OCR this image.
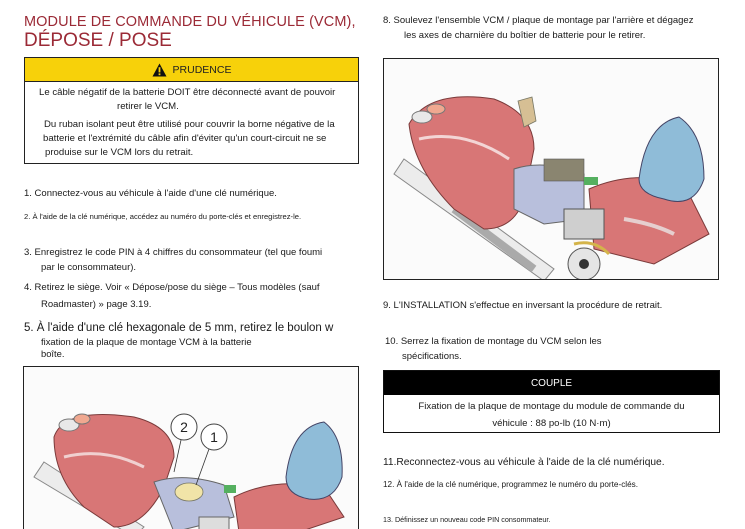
MODULE DE COMMANDE DU VÉHICULE (VCM),
DÉPOSE / POSE
PRUDENCE

Le câble négatif de la batterie DOIT être déconnecté avant de pouvoir
retirer le VCM.

Du ruban isolant peut être utilisé pour couvrir la borne négative de la
batterie et l'extrémité du câble afin d'éviter qu'un court-circuit ne se
produise sur le VCM lors du retrait.

1. Connectez-vous au véhicule à l'aide d'une clé numérique.
2. À l'aide de la clé numérique, accédez au numéro du porte-clés et enregistrez-le.
3. Enregistrez le code PIN à 4 chiffres du consommateur (tel que foumi
par le consommateur).
4. Retirez le siège. Voir « Dépose/pose du siège – Tous modèles (sauf
Roadmaster) » page 3.19.
5. À l'aide d'une clé hexagonale de 5 mm, retirez le boulon w
fixation de la plaque de montage VCM à la batterie
boîte.
2
1
8. Soulevez l'ensemble VCM / plaque de montage par l'arrière et dégagez
les axes de charnière du boîtier de batterie pour le retirer.
9. L'INSTALLATION s'effectue en inversant la procédure de retrait.
10. Serrez la fixation de montage du VCM selon les
spécifications.
COUPLE
Fixation de la plaque de montage du module de commande du
véhicule : 88 po-lb (10 N·m)
11.Reconnectez-vous au véhicule à l'aide de la clé numérique.
12. À l'aide de la clé numérique, programmez le numéro du porte-clés.
13. Définissez un nouveau code PIN consommateur.
